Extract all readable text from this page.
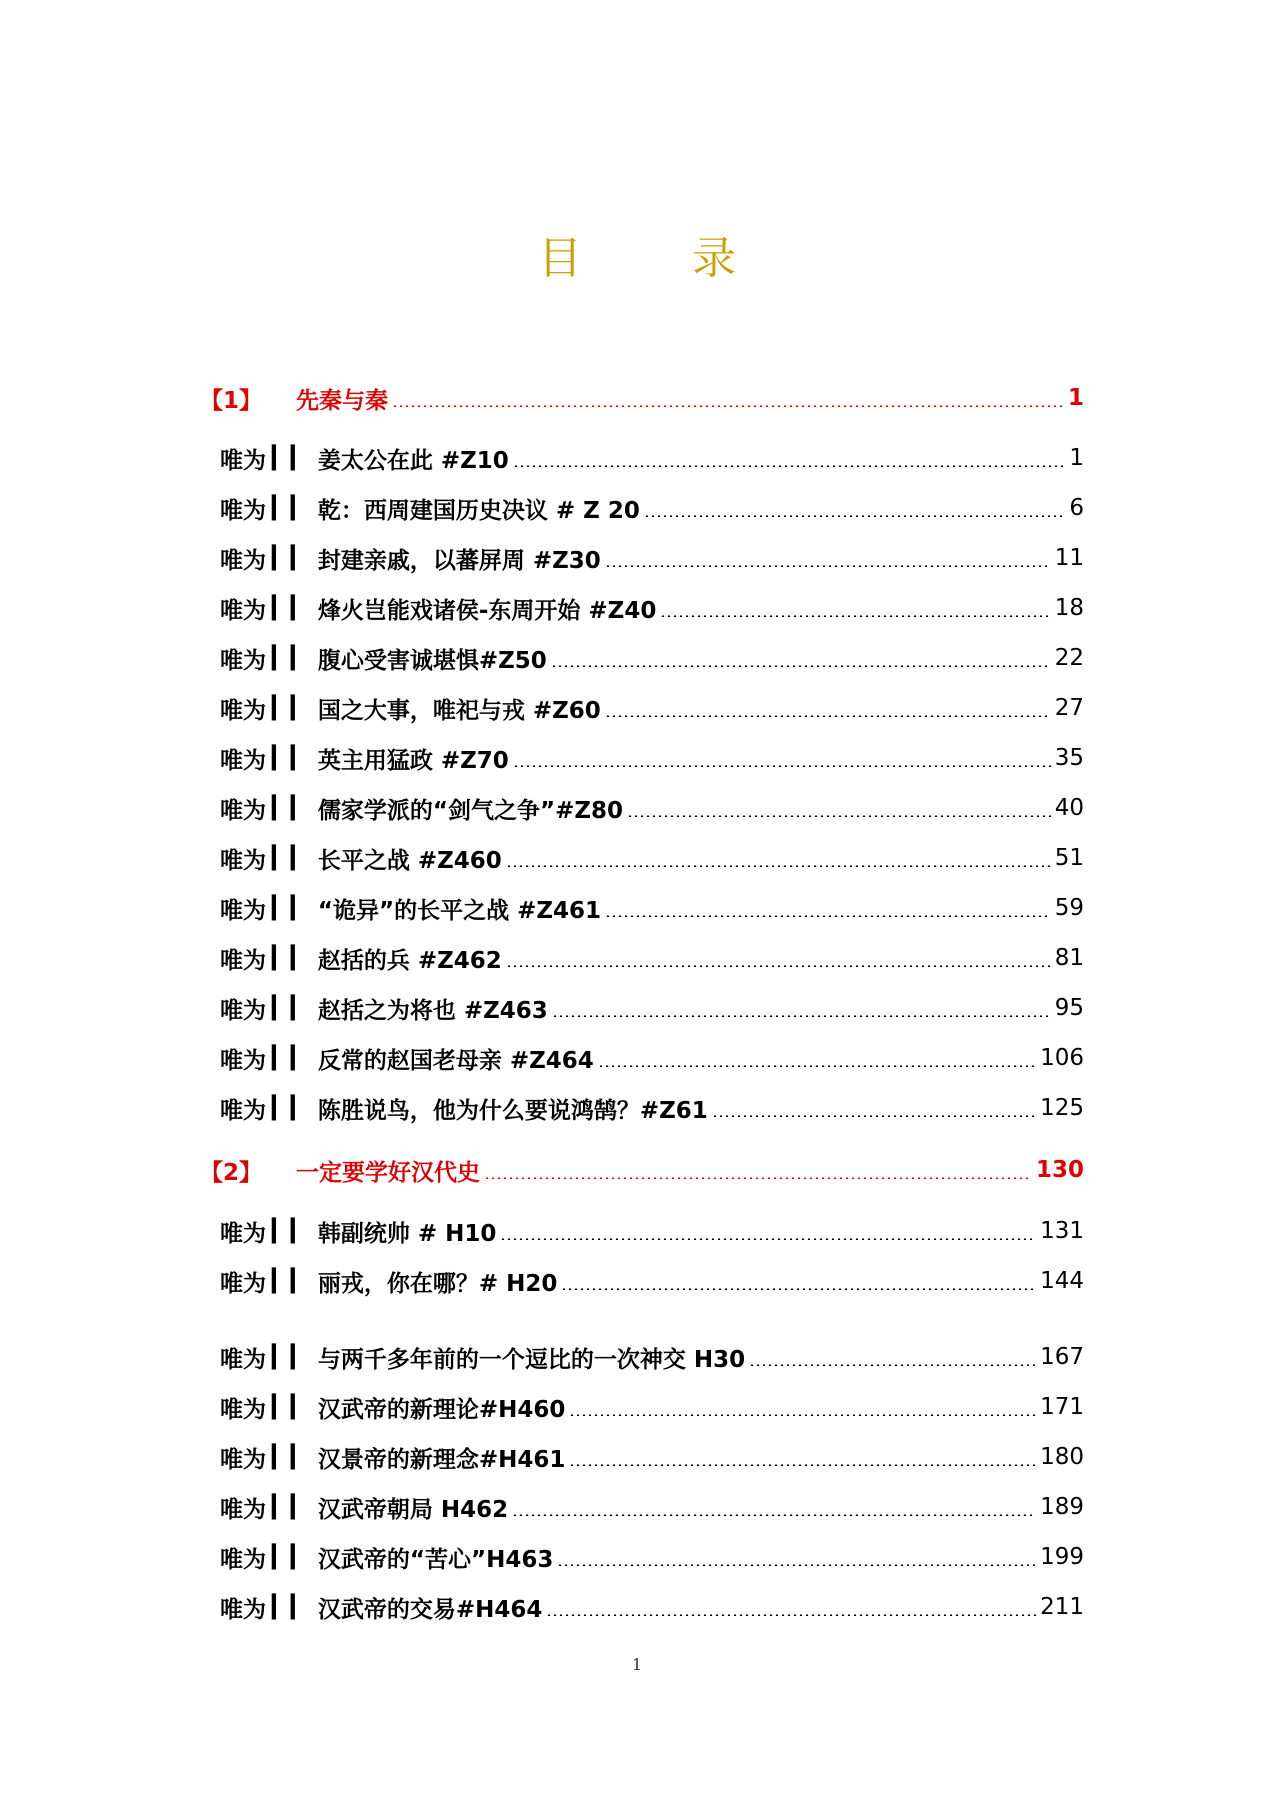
目 录
【1】	先秦与秦	1
唯为 ▎▎ 姜太公在此 #Z10	1
唯为 ▎▎ 乾：西周建国历史决议 # Z 20	6
唯为 ▎▎ 封建亲戚，以蕃屏周 #Z30	11
唯为 ▎▎ 烽火岂能戏诸侯-东周开始 #Z40	18
唯为 ▎▎ 腹心受害诚堪惧#Z50	22
唯为 ▎▎ 国之大事，唯祀与戎 #Z60	27
唯为 ▎▎ 英主用猛政 #Z70	35
唯为 ▎▎ 儒家学派的“剑气之争”#Z80	40
唯为 ▎▎ 长平之战 #Z460	51
唯为 ▎▎ “诡异”的长平之战 #Z461	59
唯为 ▎▎ 赵括的兵 #Z462	81
唯为 ▎▎ 赵括之为将也 #Z463	95
唯为 ▎▎ 反常的赵国老母亲 #Z464	106
唯为 ▎▎ 陈胜说鸟，他为什么要说鸿鹄？#Z61	125
【2】	一定要学好汉代史	130
唯为 ▎▎ 韩副统帅 # H10	131
唯为 ▎▎ 丽戎，你在哪？# H20	144
唯为 ▎▎ 与两千多年前的一个逗比的一次神交 H30	167
唯为 ▎▎ 汉武帝的新理论#H460	171
唯为 ▎▎ 汉景帝的新理念#H461	180
唯为 ▎▎ 汉武帝朝局 H462	189
唯为 ▎▎ 汉武帝的“苦心”H463	199
唯为 ▎▎ 汉武帝的交易#H464	211
1
